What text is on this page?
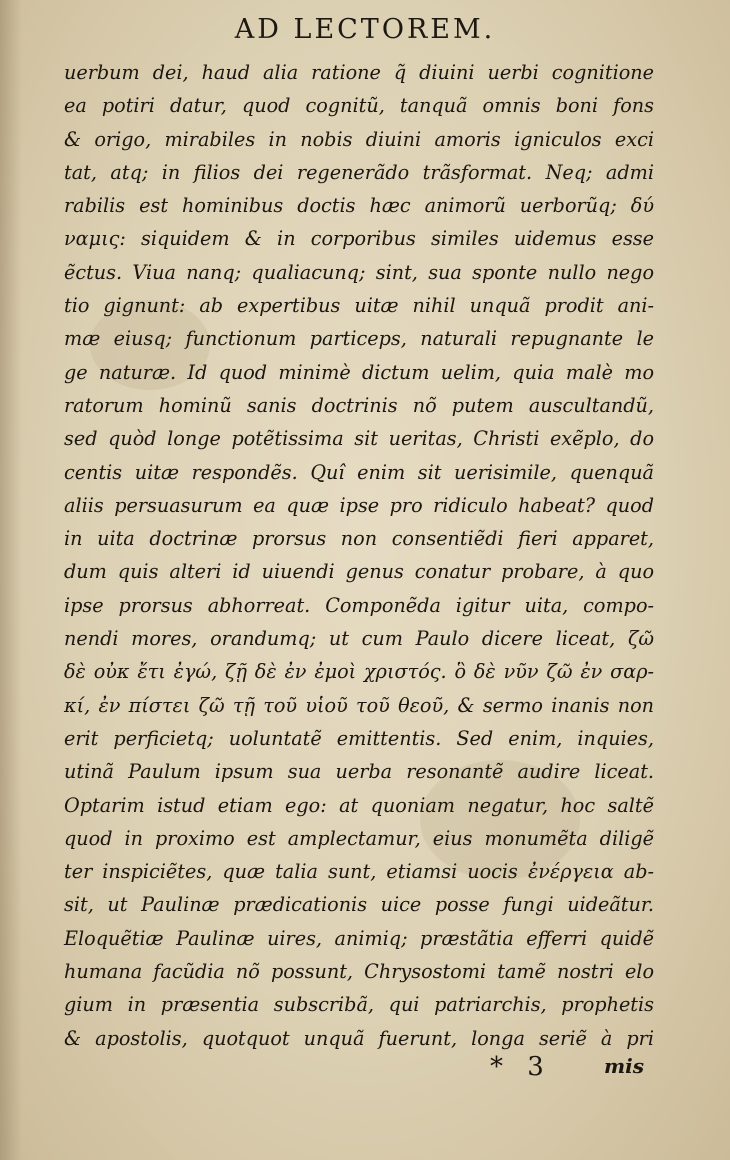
AD LECTOREM.
uerbum dei, haud alia ratione q̃ diuini uerbi cognitione
ea potiri datur, quod cognitũ, tanquã omnis boni fons
& origo, mirabiles in nobis diuini amoris igniculos exci
tat, atq; in filios dei regenerãdo trãsformat. Neq; admi
rabilis est hominibus doctis hæc animorũ uerborũq; δύ
ναμις: siquidem & in corporibus similes uidemus esse
ẽctus. Viua nanq; qualiacunq; sint, sua sponte nullo nego
tio gignunt: ab expertibus uitæ nihil unquã prodit ani‑
mæ eiusq; functionum particeps, naturali repugnante le
ge naturæ. Id quod minimè dictum uelim, quia malè mo
ratorum hominũ sanis doctrinis nõ putem auscultandũ,
sed quòd longe potẽtissima sit ueritas, Christi exẽplo, do
centis uitæ respondẽs. Quî enim sit uerisimile, quenquã
aliis persuasurum ea quæ ipse pro ridiculo habeat? quod
in uita doctrinæ prorsus non consentiẽdi fieri apparet,
dum quis alteri id uiuendi genus conatur probare, à quo
ipse prorsus abhorreat. Componẽda igitur uita, compo‑
nendi mores, orandumq; ut cum Paulo dicere liceat, ζῶ
δὲ οὐκ ἔτι ἐγώ, ζῇ δὲ ἐν ἐμοὶ χριστός. ὃ δὲ νῦν ζῶ ἐν σαρ‑
κί, ἐν πίστει ζῶ τῇ τοῦ υἱοῦ τοῦ θεοῦ, & sermo inanis non
erit perficietq; uoluntatẽ emittentis. Sed enim, inquies,
utinã Paulum ipsum sua uerba resonantẽ audire liceat.
Optarim istud etiam ego: at quoniam negatur, hoc saltẽ
quod in proximo est amplectamur, eius monumẽta diligẽ
ter inspiciẽtes, quæ talia sunt, etiamsi uocis ἐνέργεια ab‑
sit, ut Paulinæ prædicationis uice posse fungi uideãtur.
Eloquẽtiæ Paulinæ uires, animiq; præstãtia efferri quidẽ
humana facũdia nõ possunt, Chrysostomi tamẽ nostri elo
gium in præsentia subscribã, qui patriarchis, prophetis
& apostolis, quotquot unquã fuerunt, longa seriẽ à pri
* 3	mis
